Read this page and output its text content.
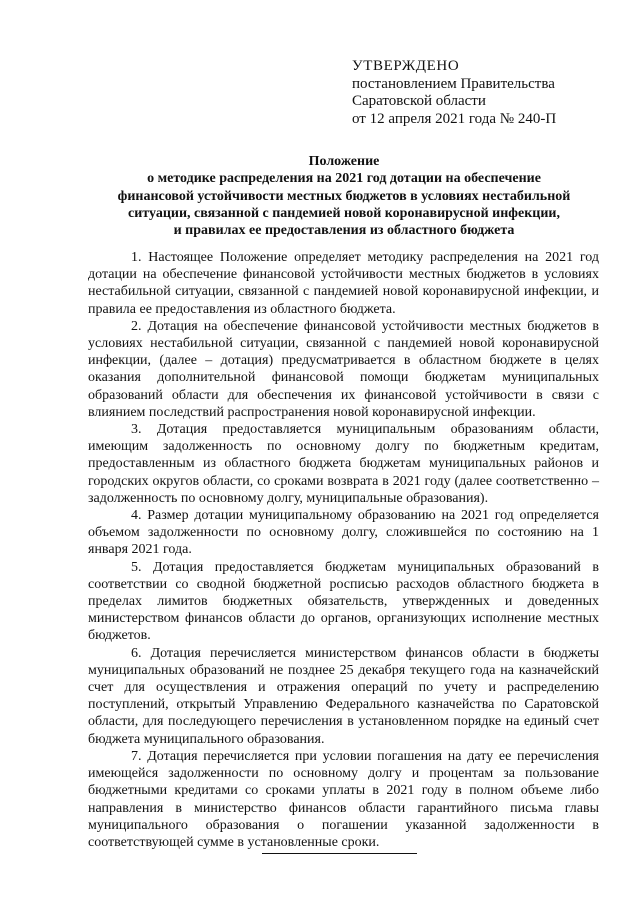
УТВЕРЖДЕНО
постановлением Правительства
Саратовской области
от 12 апреля 2021 года № 240-П
Положение
о методике распределения на 2021 год дотации на обеспечение
финансовой устойчивости местных бюджетов в условиях нестабильной
ситуации, связанной с пандемией новой коронавирусной инфекции,
и правилах ее предоставления из областного бюджета

1. Настоящее Положение определяет методику распределения на 2021 год дотации на обеспечение финансовой устойчивости местных бюджетов в условиях нестабильной ситуации, связанной с пандемией новой коронавирусной инфекции, и правила ее предоставления из областного бюджета.

2. Дотация на обеспечение финансовой устойчивости местных бюджетов в условиях нестабильной ситуации, связанной с пандемией новой коронавирусной инфекции, (далее – дотация) предусматривается в областном бюджете в целях оказания дополнительной финансовой помощи бюджетам муниципальных образований области для обеспечения их финансовой устойчивости в связи с влиянием последствий распространения новой коронавирусной инфекции.

3. Дотация предоставляется муниципальным образованиям области, имеющим задолженность по основному долгу по бюджетным кредитам, предоставленным из областного бюджета бюджетам муниципальных районов и городских округов области, со сроками возврата в 2021 году (далее соответственно – задолженность по основному долгу, муниципальные образования).

4. Размер дотации муниципальному образованию на 2021 год определяется объемом задолженности по основному долгу, сложившейся по состоянию на 1 января 2021 года.

5. Дотация предоставляется бюджетам муниципальных образований в соответствии со сводной бюджетной росписью расходов областного бюджета в пределах лимитов бюджетных обязательств, утвержденных и доведенных министерством финансов области до органов, организующих исполнение местных бюджетов.

6. Дотация перечисляется министерством финансов области в бюджеты муниципальных образований не позднее 25 декабря текущего года на казначейский счет для осуществления и отражения операций по учету и распределению поступлений, открытый Управлению Федерального казначейства по Саратовской области, для последующего перечисления в установленном порядке на единый счет бюджета муниципального образования.

7. Дотация перечисляется при условии погашения на дату ее перечисления имеющейся задолженности по основному долгу и процентам за пользование бюджетными кредитами со сроками уплаты в 2021 году в полном объеме либо направления в министерство финансов области гарантийного письма главы муниципального образования о погашении указанной задолженности в соответствующей сумме в установленные сроки.
